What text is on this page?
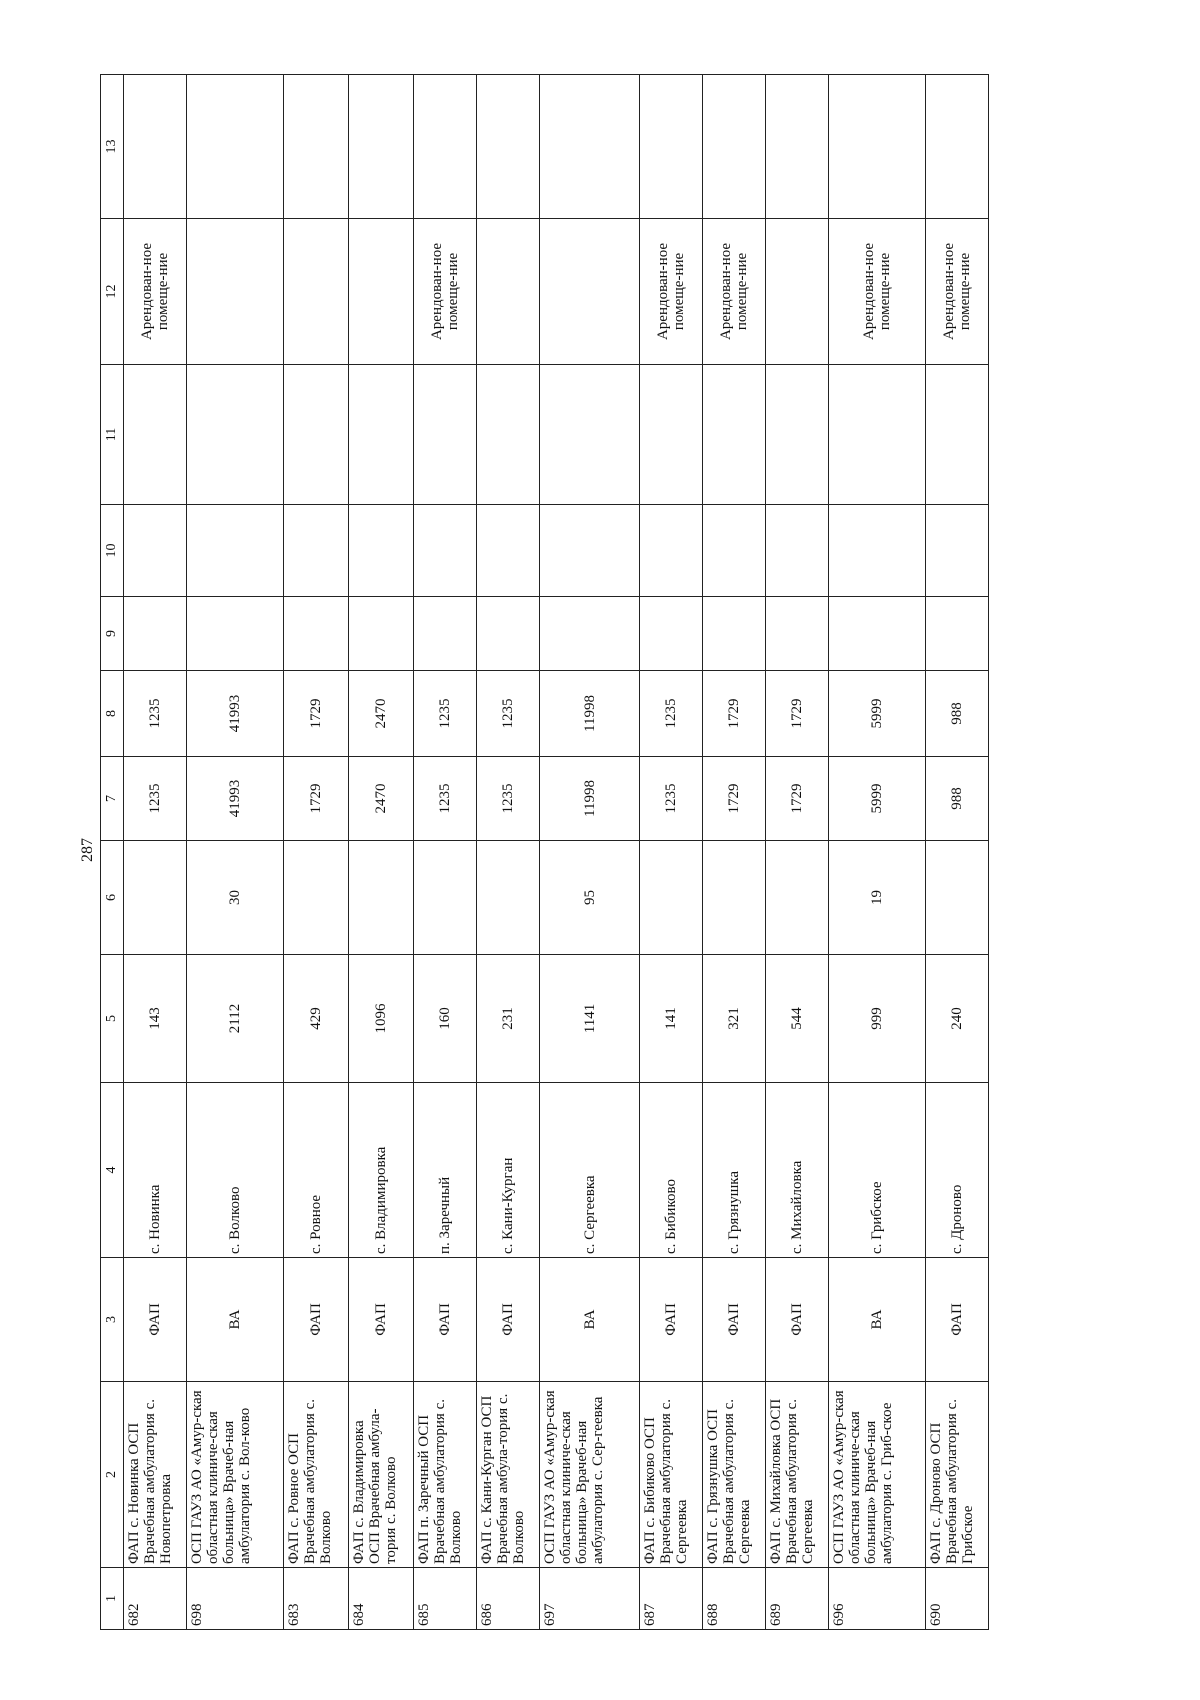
287
1	2	3	4	5	6	7	8	9	10	11	12	13
682	ФАП с. Новинка ОСП Врачебная амбулатория с. Новопетровка	ФАП	с. Новинка	143		1235	1235				Арендован-ное помеще-ние	
698	ОСП ГАУЗ АО «Амур-ская областная клиниче-ская больница» Врачеб-ная амбулатория с. Вол-ково	ВА	с. Волково	2112	30	41993	41993					
683	ФАП с. Ровное ОСП Врачебная амбулатория с. Волково	ФАП	с. Ровное	429		1729	1729					
684	ФАП с. Владимировка ОСП Врачебная амбула-тория с. Волково	ФАП	с. Владимировка	1096		2470	2470					
685	ФАП п. Заречный ОСП Врачебная амбулатория с. Волково	ФАП	п. Заречный	160		1235	1235				Арендован-ное помеще-ние	
686	ФАП с. Кани-Курган ОСП Врачебная амбула-тория с. Волково	ФАП	с. Кани-Курган	231		1235	1235					
697	ОСП ГАУЗ АО «Амур-ская областная клиниче-ская больница» Врачеб-ная амбулатория с. Сер-геевка	ВА	с. Сергеевка	1141	95	11998	11998					
687	ФАП с. Бибиково ОСП Врачебная амбулатория с. Сергеевка	ФАП	с. Бибиково	141		1235	1235				Арендован-ное помеще-ние	
688	ФАП с. Грязнушка ОСП Врачебная амбулатория с. Сергеевка	ФАП	с. Грязнушка	321		1729	1729				Арендован-ное помеще-ние	
689	ФАП с. Михайловка ОСП Врачебная амбулатория с. Сергеевка	ФАП	с. Михайловка	544		1729	1729					
696	ОСП ГАУЗ АО «Амур-ская областная клиниче-ская больница» Врачеб-ная амбулатория с. Гриб-ское	ВА	с. Грибское	999	19	5999	5999				Арендован-ное помеще-ние	
690	ФАП с. Дроново ОСП Врачебная амбулатория с. Грибское	ФАП	с. Дроново	240		988	988				Арендован-ное помеще-ние	
